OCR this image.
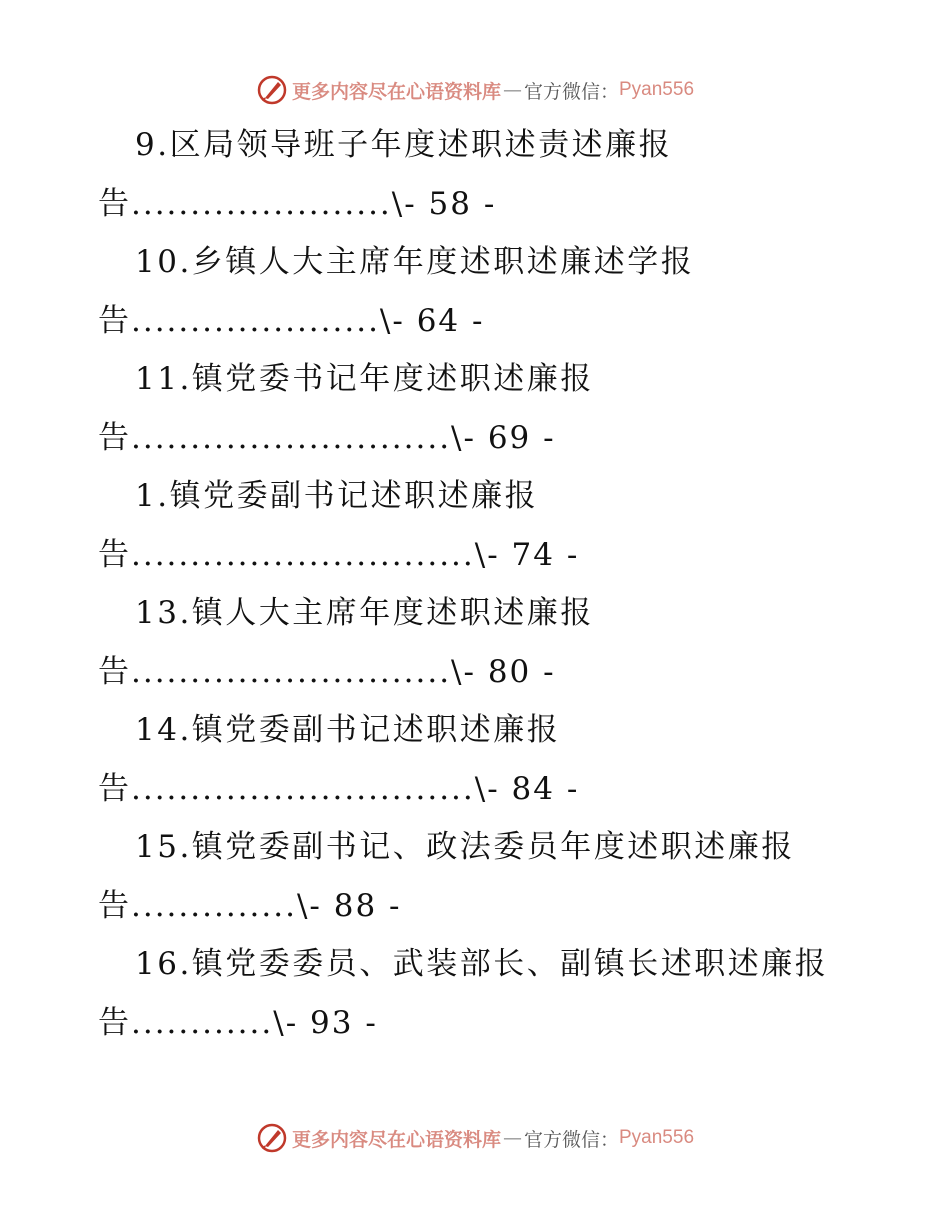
更多内容尽在心语资料库 — 官方微信： Pyan556
9.区局领导班子年度述职述责述廉报
告......................\- 58 -
10.乡镇人大主席年度述职述廉述学报
告.....................\- 64 -
11.镇党委书记年度述职述廉报
告...........................\- 69 -
1.镇党委副书记述职述廉报
告.............................\- 74 -
13.镇人大主席年度述职述廉报
告...........................\- 80 -
14.镇党委副书记述职述廉报
告.............................\- 84 -
15.镇党委副书记、政法委员年度述职述廉报
告..............\- 88 -
16.镇党委委员、武装部长、副镇长述职述廉报
告............\- 93 -
更多内容尽在心语资料库 — 官方微信： Pyan556
